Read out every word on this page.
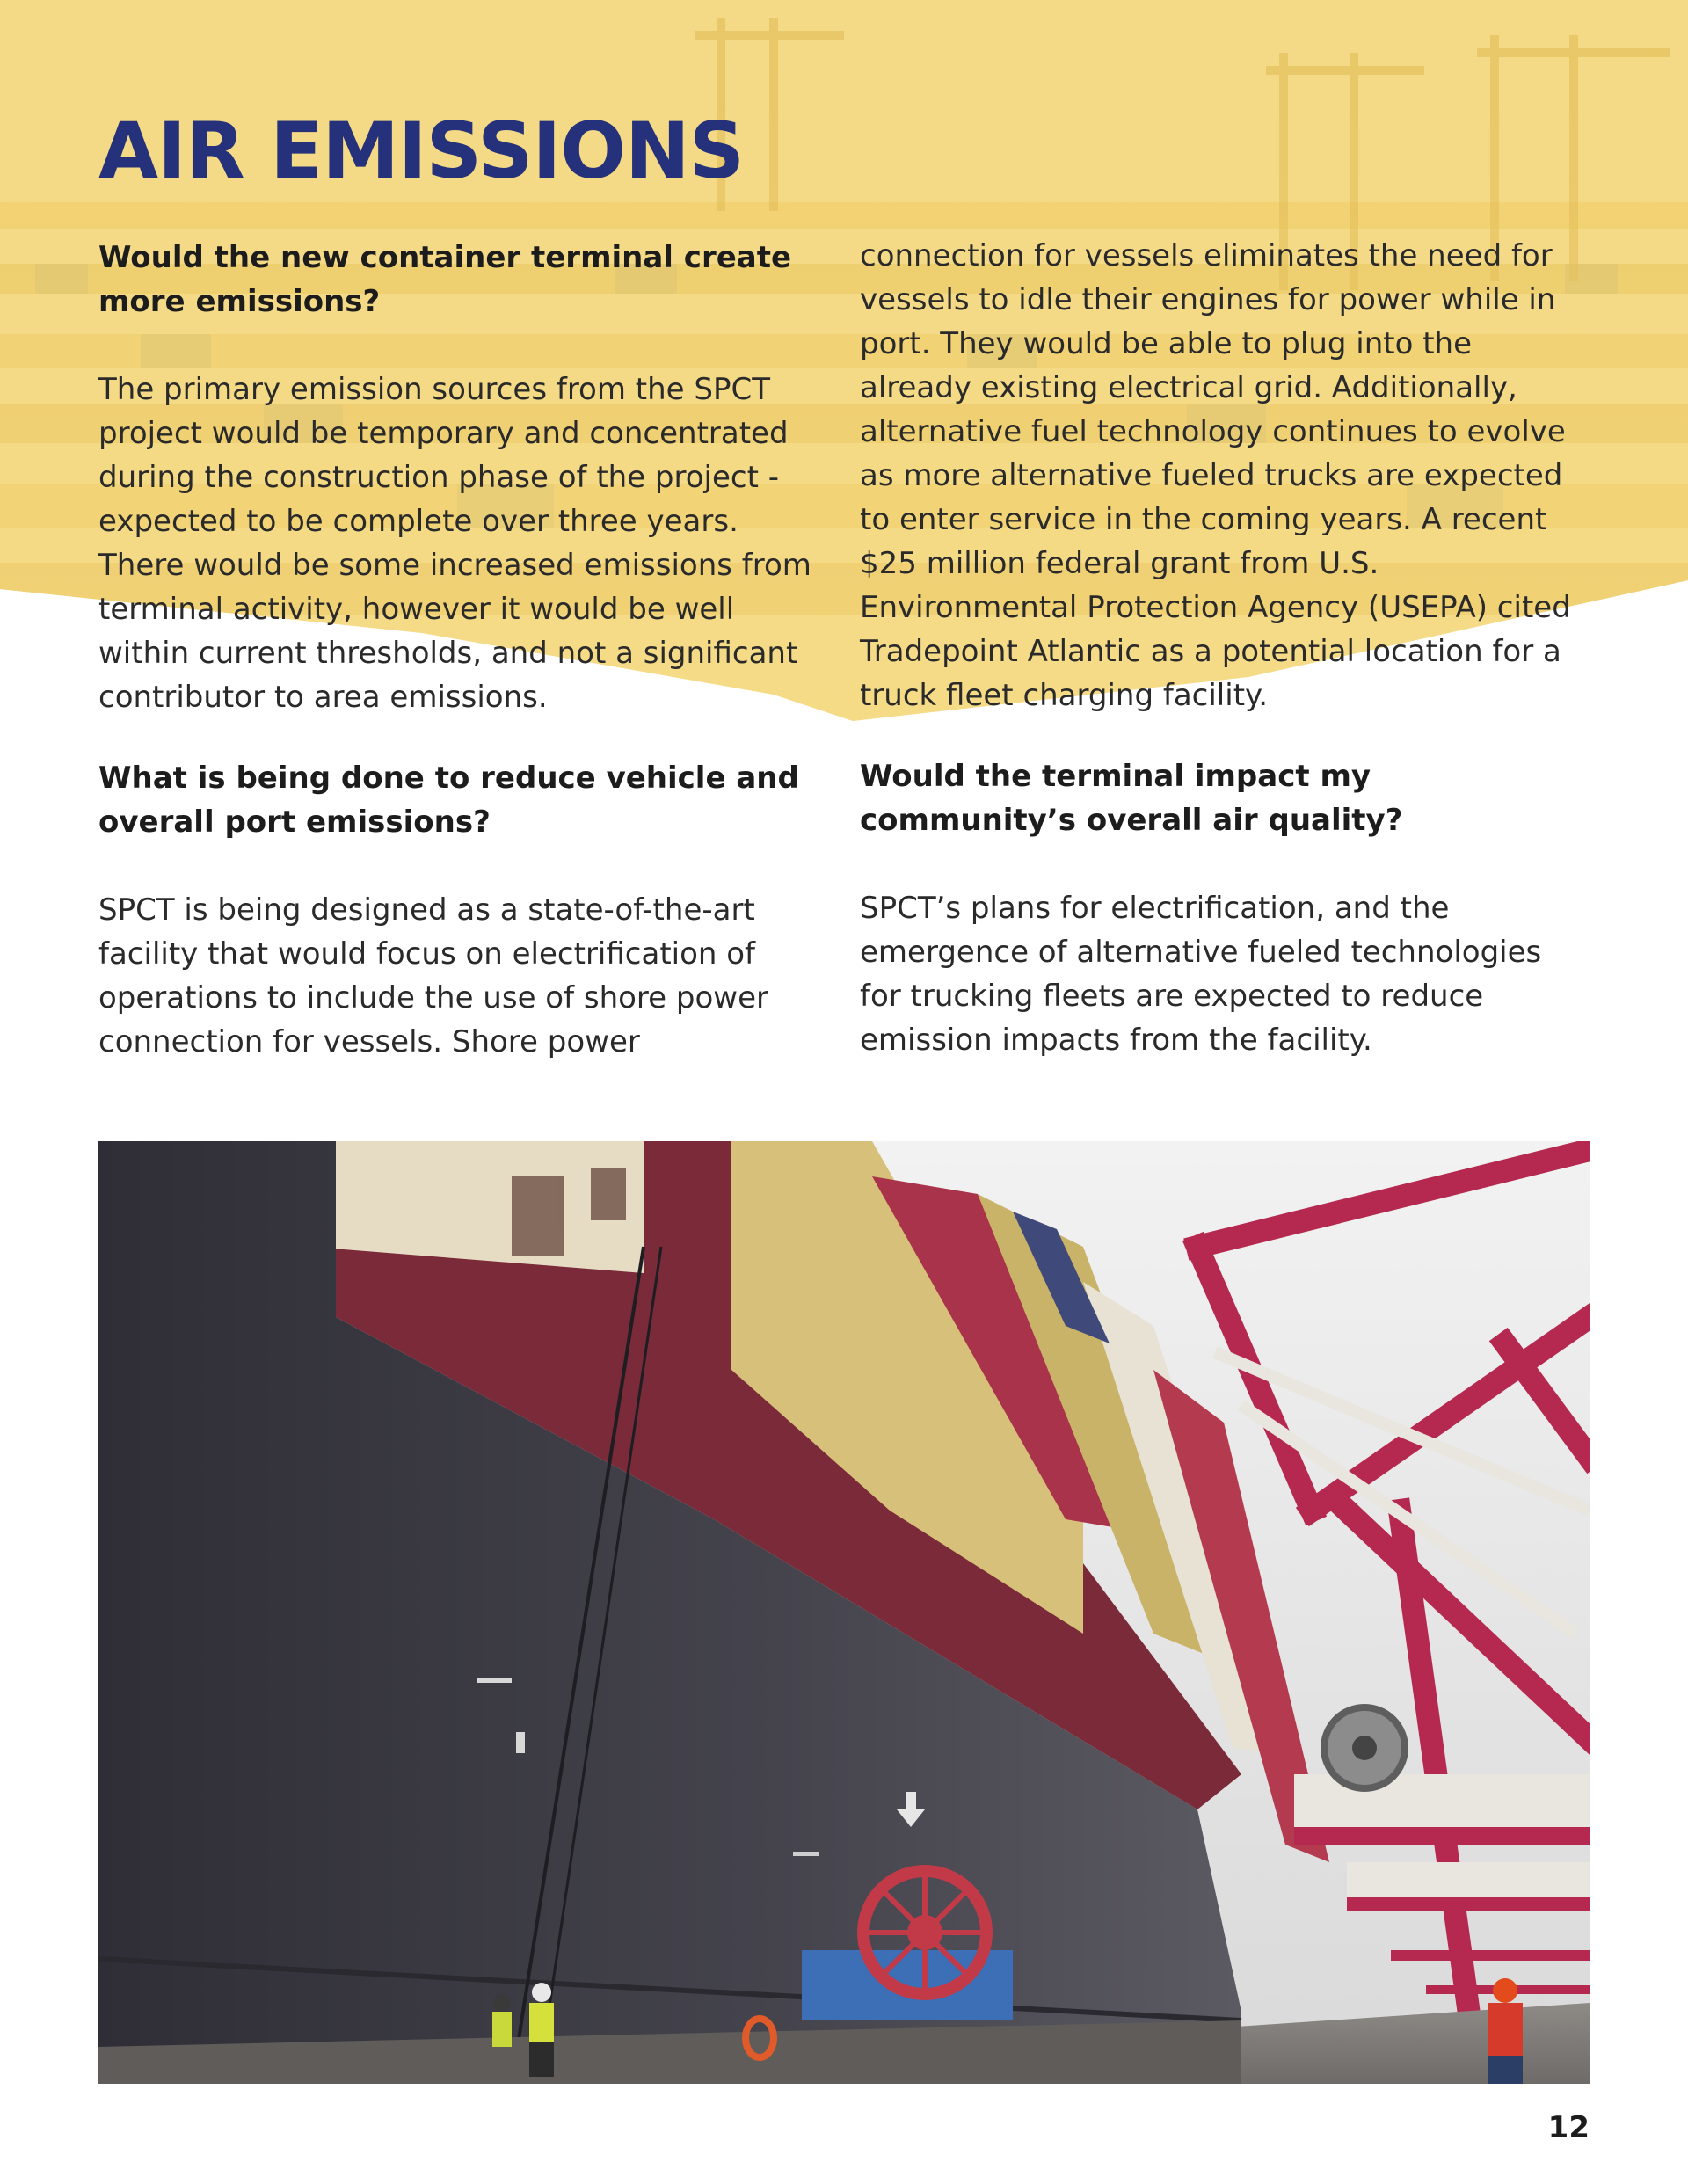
AIR EMISSIONS

Would the new container terminal create more emissions?

The primary emission sources from the SPCT project would be temporary and concentrated during the construction phase of the project - expected to be complete over three years. There would be some increased emissions from terminal activity, however it would be well within current thresholds, and not a significant contributor to area emissions.

What is being done to reduce vehicle and overall port emissions?

SPCT is being designed as a state-of-the-art facility that would focus on electrification of operations to include the use of shore power connection for vessels. Shore power

connection for vessels eliminates the need for vessels to idle their engines for power while in port. They would be able to plug into the already existing electrical grid. Additionally, alternative fuel technology continues to evolve as more alternative fueled trucks are expected to enter service in the coming years. A recent $25 million federal grant from U.S. Environmental Protection Agency (USEPA) cited Tradepoint Atlantic as a potential location for a truck fleet charging facility.

Would the terminal impact my community’s overall air quality?

SPCT’s plans for electrification, and the emergence of alternative fueled technologies for trucking fleets are expected to reduce emission impacts from the facility.

12
